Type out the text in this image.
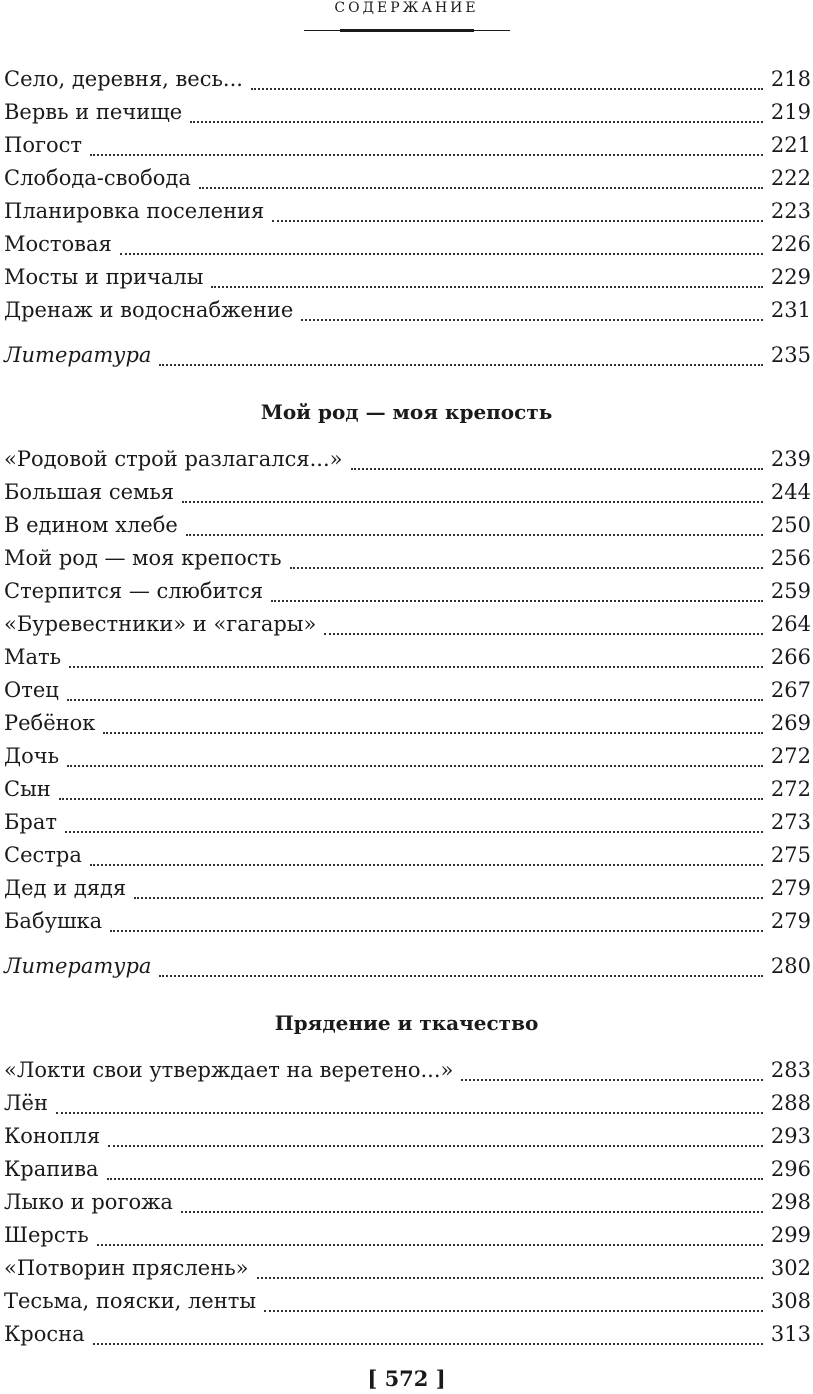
СОДЕРЖАНИЕ
Село, деревня, весь...	218
Вервь и печище	219
Погост	221
Слобода-свобода	222
Планировка поселения	223
Мостовая	226
Мосты и причалы	229
Дренаж и водоснабжение	231
Литература	235
Мой род — моя крепость
«Родовой строй разлагался...»	239
Большая семья	244
В едином хлебе	250
Мой род — моя крепость	256
Стерпится — слюбится	259
«Буревестники» и «гагары»	264
Мать	266
Отец	267
Ребёнок	269
Дочь	272
Сын	272
Брат	273
Сестра	275
Дед и дядя	279
Бабушка	279
Литература	280
Прядение и ткачество
«Локти свои утверждает на веретено...»	283
Лён	288
Конопля	293
Крапива	296
Лыко и рогожа	298
Шерсть	299
«Потворин пряслень»	302
Тесьма, пояски, ленты	308
Кросна	313
[ 572 ]
